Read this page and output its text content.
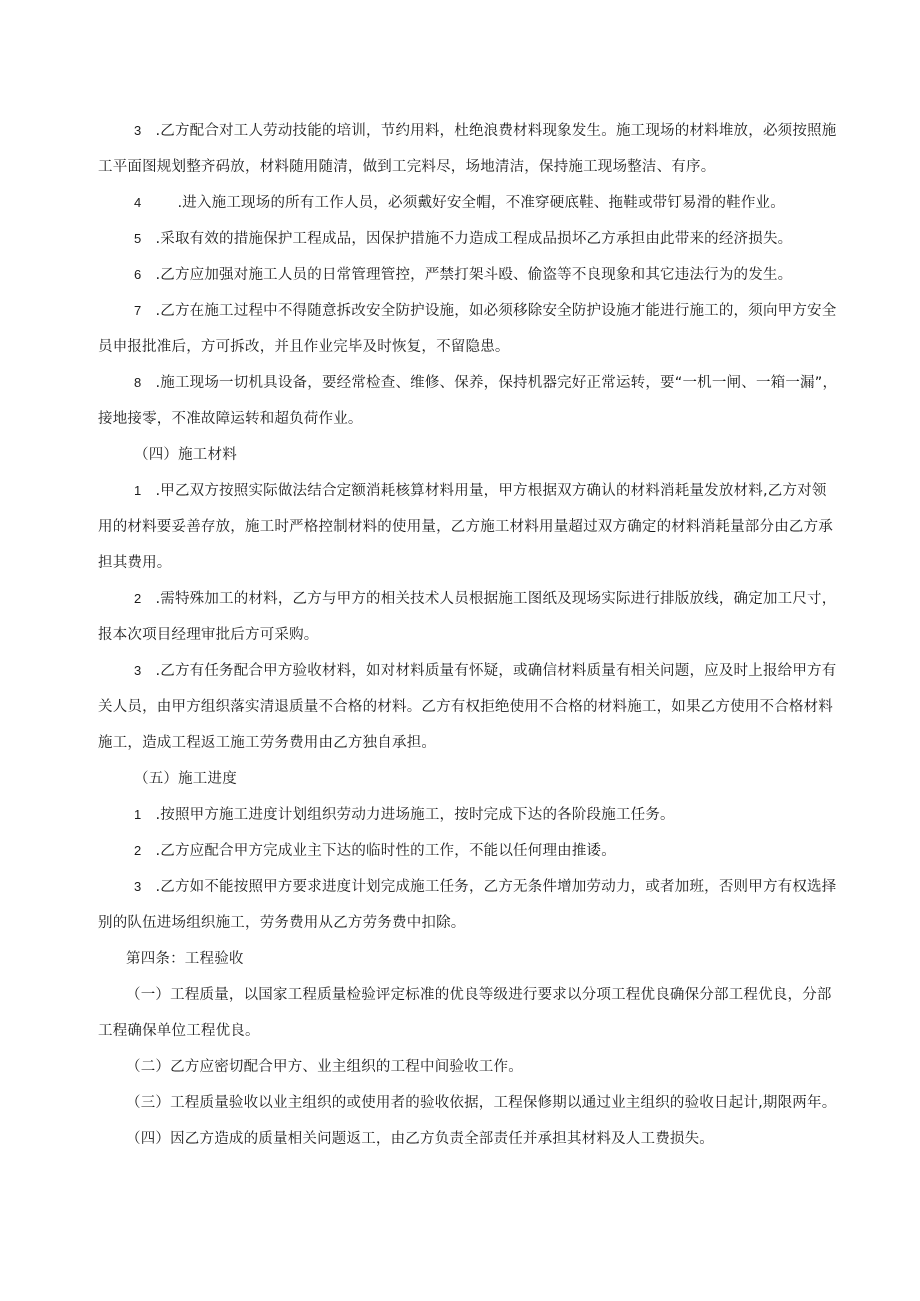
3 .乙方配合对工人劳动技能的培训，节约用料，杜绝浪费材料现象发生。施工现场的材料堆放，必须按照施工平面图规划整齐码放，材料随用随清，做到工完料尽，场地清洁，保持施工现场整洁、有序。

4 .进入施工现场的所有工作人员，必须戴好安全帽，不准穿硬底鞋、拖鞋或带钉易滑的鞋作业。

5 .采取有效的措施保护工程成品，因保护措施不力造成工程成品损坏乙方承担由此带来的经济损失。

6 .乙方应加强对施工人员的日常管理管控，严禁打架斗殴、偷盗等不良现象和其它违法行为的发生。

7 .乙方在施工过程中不得随意拆改安全防护设施，如必须移除安全防护设施才能进行施工的，须向甲方安全员申报批准后，方可拆改，并且作业完毕及时恢复，不留隐患。

8 .施工现场一切机具设备，要经常检查、维修、保养，保持机器完好正常运转，要“一机一闸、一箱一漏”，接地接零，不准故障运转和超负荷作业。

（四）施工材料

1 .甲乙双方按照实际做法结合定额消耗核算材料用量，甲方根据双方确认的材料消耗量发放材料,乙方对领用的材料要妥善存放，施工时严格控制材料的使用量，乙方施工材料用量超过双方确定的材料消耗量部分由乙方承担其费用。

2 .需特殊加工的材料，乙方与甲方的相关技术人员根据施工图纸及现场实际进行排版放线，确定加工尺寸，报本次项目经理审批后方可采购。

3 .乙方有任务配合甲方验收材料，如对材料质量有怀疑，或确信材料质量有相关问题，应及时上报给甲方有关人员，由甲方组织落实清退质量不合格的材料。乙方有权拒绝使用不合格的材料施工，如果乙方使用不合格材料施工，造成工程返工施工劳务费用由乙方独自承担。

（五）施工进度

1 .按照甲方施工进度计划组织劳动力进场施工，按时完成下达的各阶段施工任务。

2 .乙方应配合甲方完成业主下达的临时性的工作，不能以任何理由推诿。

3 .乙方如不能按照甲方要求进度计划完成施工任务，乙方无条件增加劳动力，或者加班，否则甲方有权选择别的队伍进场组织施工，劳务费用从乙方劳务费中扣除。

第四条：工程验收

（一）工程质量，以国家工程质量检验评定标准的优良等级进行要求以分项工程优良确保分部工程优良，分部工程确保单位工程优良。

（二）乙方应密切配合甲方、业主组织的工程中间验收工作。

（三）工程质量验收以业主组织的或使用者的验收依据，工程保修期以通过业主组织的验收日起计,期限两年。

（四）因乙方造成的质量相关问题返工，由乙方负责全部责任并承担其材料及人工费损失。
